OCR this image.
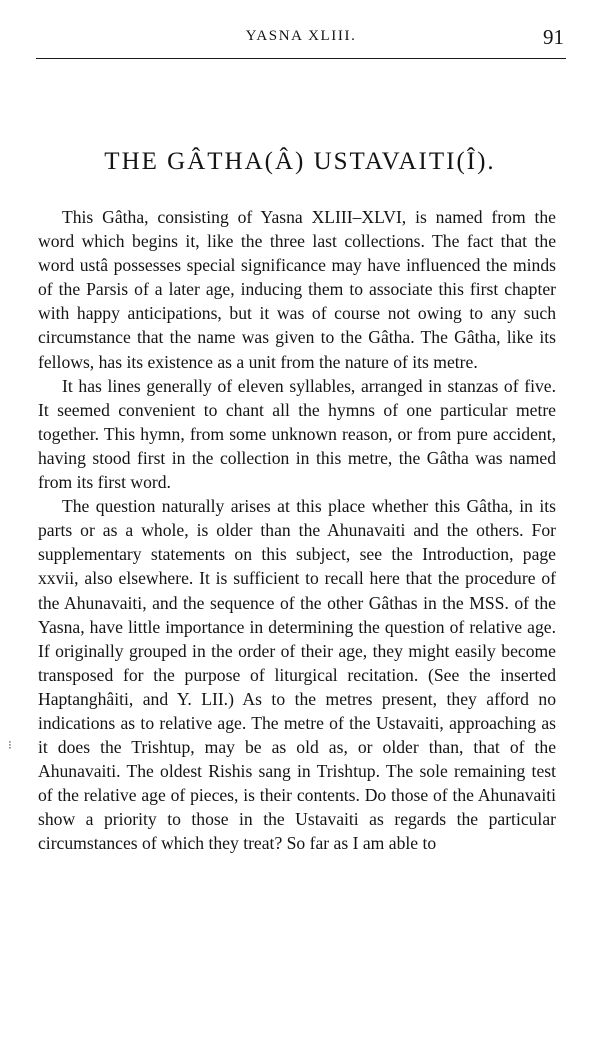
YASNA XLIII.	91
THE GÂTHA(Â) USTAVAITI(Î).
⁝

This Gâtha, consisting of Yasna XLIII–XLVI, is named from the word which begins it, like the three last collections. The fact that the word ustâ possesses special significance may have influenced the minds of the Parsis of a later age, inducing them to associate this first chapter with happy anticipations, but it was of course not owing to any such circumstance that the name was given to the Gâtha. The Gâtha, like its fellows, has its existence as a unit from the nature of its metre.

It has lines generally of eleven syllables, arranged in stanzas of five. It seemed convenient to chant all the hymns of one particular metre together. This hymn, from some unknown reason, or from pure accident, having stood first in the collection in this metre, the Gâtha was named from its first word.

The question naturally arises at this place whether this Gâtha, in its parts or as a whole, is older than the Ahunavaiti and the others. For supplementary statements on this subject, see the Introduction, page xxvii, also elsewhere. It is sufficient to recall here that the procedure of the Ahunavaiti, and the sequence of the other Gâthas in the MSS. of the Yasna, have little importance in determining the question of relative age. If originally grouped in the order of their age, they might easily become transposed for the purpose of liturgical recitation. (See the inserted Haptanghâiti, and Y. LII.) As to the metres present, they afford no indications as to relative age. The metre of the Ustavaiti, approaching as it does the Trishtup, may be as old as, or older than, that of the Ahunavaiti. The oldest Rishis sang in Trishtup. The sole remaining test of the relative age of pieces, is their contents. Do those of the Ahunavaiti show a priority to those in the Ustavaiti as regards the particular circumstances of which they treat? So far as I am able to
